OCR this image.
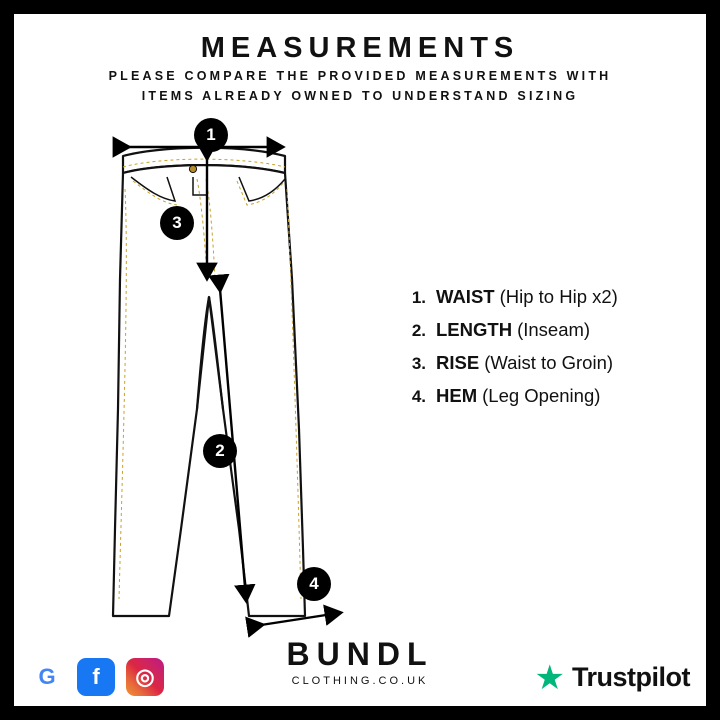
MEASUREMENTS
PLEASE COMPARE THE PROVIDED MEASUREMENTS WITH
ITEMS ALREADY OWNED TO UNDERSTAND SIZING
1
2
3
4
1. WAIST (Hip to Hip x2)
2. LENGTH (Inseam)
3. RISE (Waist to Groin)
4. HEM (Leg Opening)
BUNDL
CLOTHING.CO.UK
G	f	◎	★ Trustpilot
